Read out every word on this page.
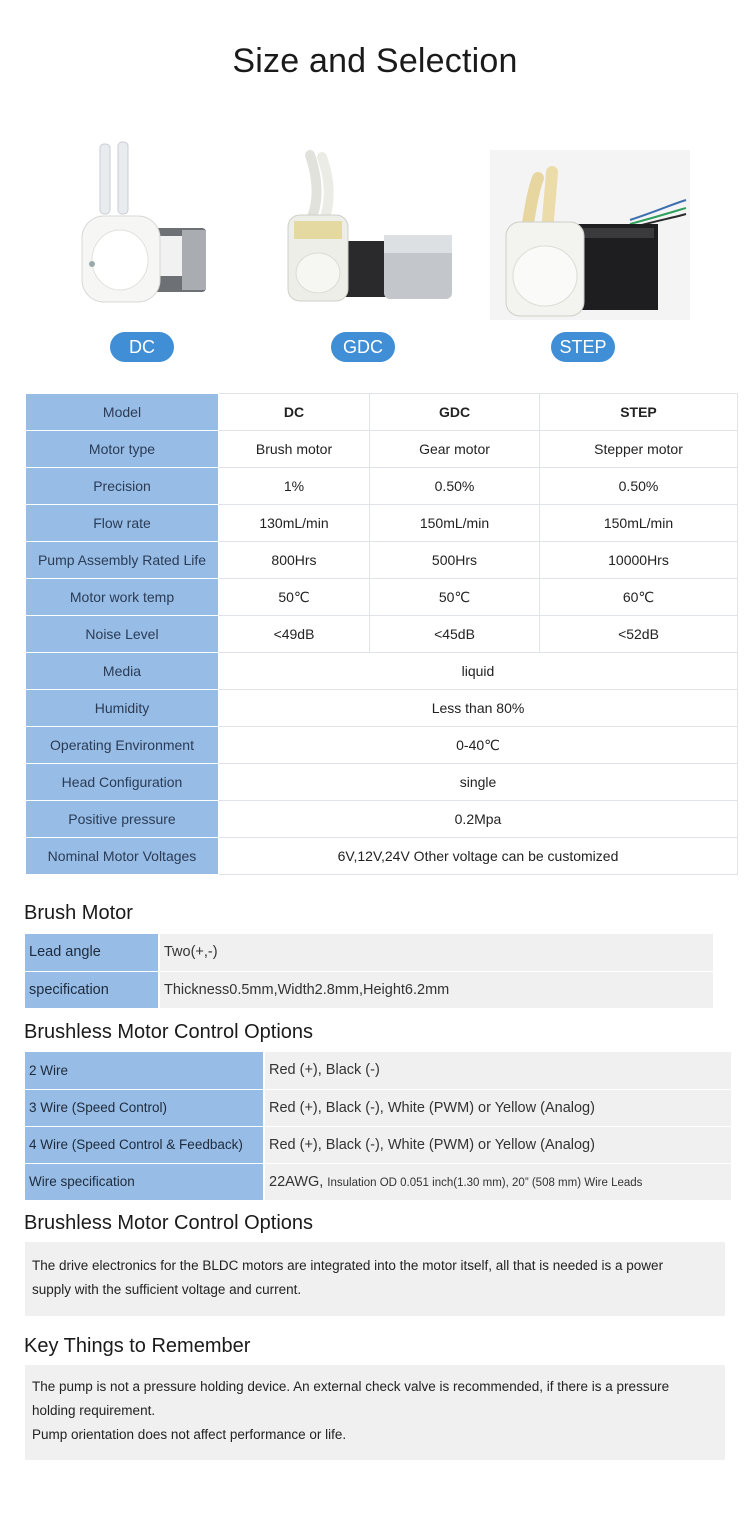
Size and Selection
DC	GDC	STEP
Model	DC	GDC	STEP
Motor type	Brush motor	Gear motor	Stepper motor
Precision	1%	0.50%	0.50%
Flow rate	130mL/min	150mL/min	150mL/min
Pump Assembly Rated Life	800Hrs	500Hrs	10000Hrs
Motor work temp	50℃	50℃	60℃
Noise Level	<49dB	<45dB	<52dB
Media	liquid		
Humidity	Less than 80%		
Operating Environment	0-40℃		
Head Configuration	single		
Positive pressure	0.2Mpa		
Nominal Motor Voltages	6V,12V,24V Other voltage can be customized		
Brush Motor
Lead angle	Two(+,-)
specification	Thickness0.5mm,Width2.8mm,Height6.2mm
Brushless Motor Control Options
2 Wire	Red (+), Black (-)
3 Wire (Speed Control)	Red (+), Black (-), White (PWM) or Yellow (Analog)
4 Wire (Speed Control & Feedback)	Red (+), Black (-), White (PWM) or Yellow (Analog)
Wire specification	22AWG, Insulation OD 0.051 inch(1.30 mm), 20” (508 mm) Wire Leads
Brushless Motor Control Options
The drive electronics for the BLDC motors are integrated into the motor itself, all that is needed is a power
supply with the sufficient voltage and current.
Key Things to Remember
The pump is not a pressure holding device. An external check valve is recommended, if there is a pressure
holding requirement.
Pump orientation does not affect performance or life.
